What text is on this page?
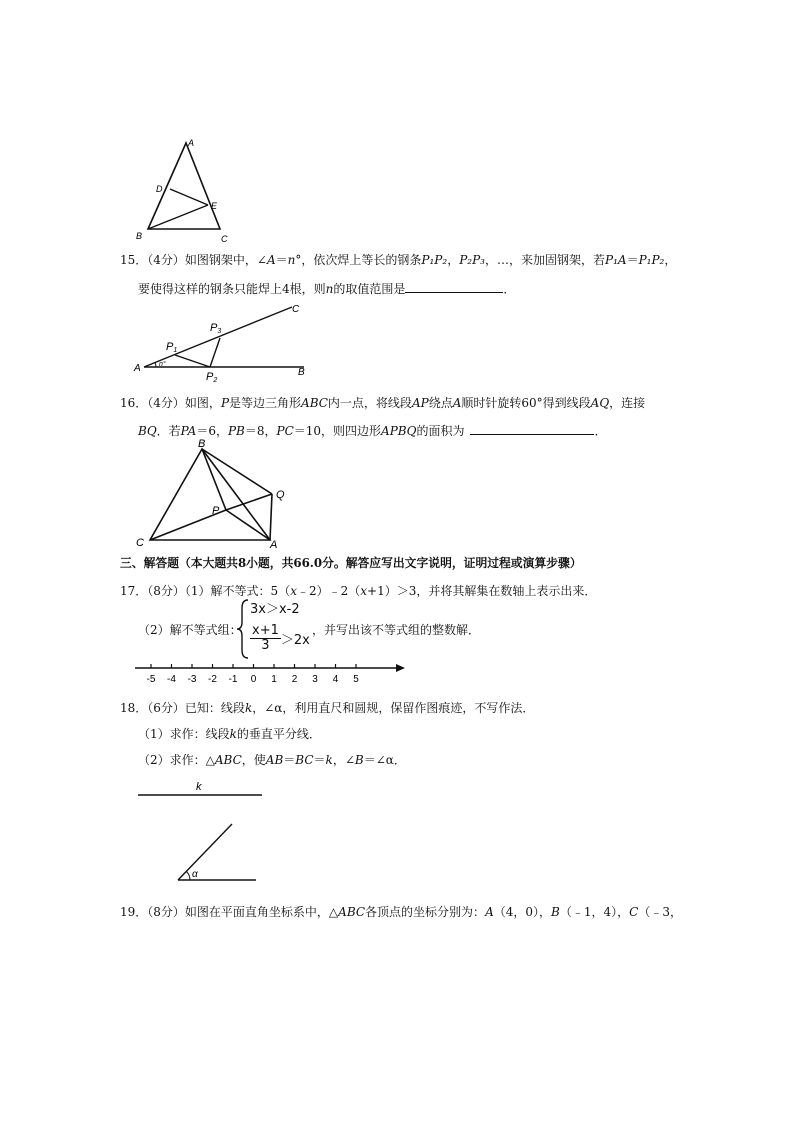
A
D
E
B	C
15．（4分）如图钢架中，∠A＝n°，依次焊上等长的钢条P₁P₂，P₂P₃，…，来加固钢架，若P₁A＝P₁P₂，
要使得这样的钢条只能焊上4根，则n的取值范围是	．
A	B
C
P1
P2
P3
n°
16．（4分）如图，P是等边三角形ABC内一点，将线段AP绕点A顺时针旋转60°得到线段AQ，连接
BQ．若PA＝6，PB＝8，PC＝10，则四边形APBQ的面积为	．
B
Q
P
C	A
三、解答题（本大题共8小题，共66.0分。解答应写出文字说明，证明过程或演算步骤）
17．（8分）（1）解不等式：5（x﹣2）﹣2（x+1）＞3，并将其解集在数轴上表示出来．
（2）解不等式组：
3x＞x-2
$\frac{x+1}{3} >2x$
，并写出该不等式组的整数解．
-5 -4 -3 -2 -1 0 1 2 3 4 5
18．（6分）已知：线段k，∠α，利用直尺和圆规，保留作图痕迹，不写作法．
（1）求作：线段k的垂直平分线．
（2）求作：△ABC，使AB＝BC＝k，∠B＝∠α．
k
α
19．（8分）如图在平面直角坐标系中，△ABC各顶点的坐标分别为：A（4，0），B（﹣1，4），C（﹣3，
